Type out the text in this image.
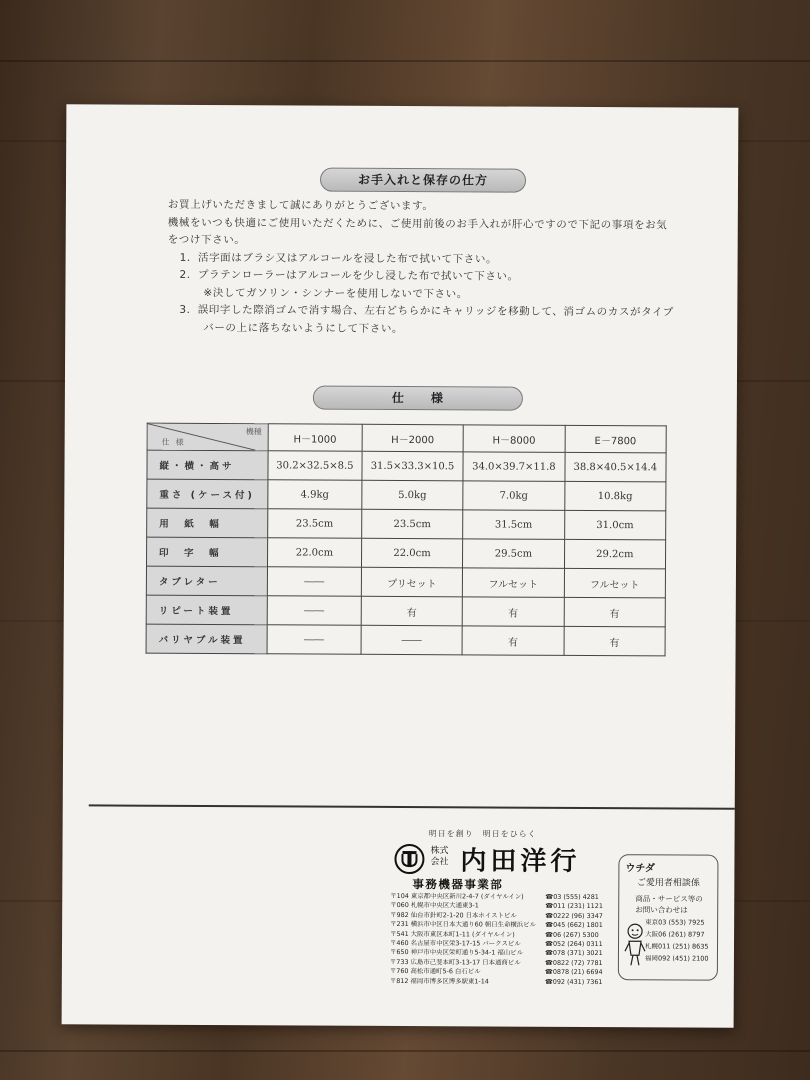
お手入れと保存の仕方

お買上げいただきまして誠にありがとうございます。

機械をいつも快適にご使用いただくために、ご使用前後のお手入れが肝心ですので下記の事項をお気

をつけ下さい。

1．活字面はブラシ又はアルコールを浸した布で拭いて下さい。

2．プラテンローラーはアルコールを少し浸した布で拭いて下さい。

※決してガソリン・シンナーを使用しないで下さい。

3．誤印字した際消ゴムで消す場合、左右どちらかにキャリッジを移動して、消ゴムのカスがタイプ

バーの上に落ちないようにして下さい。

仕　　様
機種
仕様	H－1000	H－2000	H－8000	E－7800
縦・横・高サ	30.2×32.5×8.5	31.5×33.3×10.5	34.0×39.7×11.8	38.8×40.5×14.4
重さ (ケース付)	4.9kg	5.0kg	7.0kg	10.8kg
用　紙　幅	23.5cm	23.5cm	31.5cm	31.0cm
印　字　幅	22.0cm	22.0cm	29.5cm	29.2cm
タブレター	――	プリセット	フルセット	フルセット
リピート装置	――	有	有	有
バリヤブル装置	――	――	有	有
明日を創り　明日をひらく
株式
会社 内田洋行
事務機器事業部
〒104 東京都中央区新川2-4-7 (ダイヤルイン)
〒060 札幌市中央区大通東3-1
〒982 仙台市針町2-1-20 日本ホイストビル
〒231 横浜市中区日本大通り60 朝日生命横浜ビル
〒541 大阪市東区本町1-11 (ダイヤルイン)
〒460 名古屋市中区栄3-17-15 バークスビル
〒650 神戸市中央区栄町通り5-34-1 福山ビル
〒733 広島市己斐本町3-13-17 日本通商ビル
〒760 高松市通町5-6 白石ビル
〒812 福岡市博多区博多駅東1-14
☎03 (555) 4281
☎011 (231) 1121
☎0222 (96) 3347
☎045 (662) 1801
☎06 (267) 5300
☎052 (264) 0311
☎078 (371) 3021
☎0822 (72) 7781
☎0878 (21) 6694
☎092 (431) 7361
ウチダ
ご愛用者相談係
商品・サービス等の
お問い合わせは
東京03 (553) 7925
大阪06 (261) 8797
札幌011 (251) 8635
福岡092 (451) 2100
